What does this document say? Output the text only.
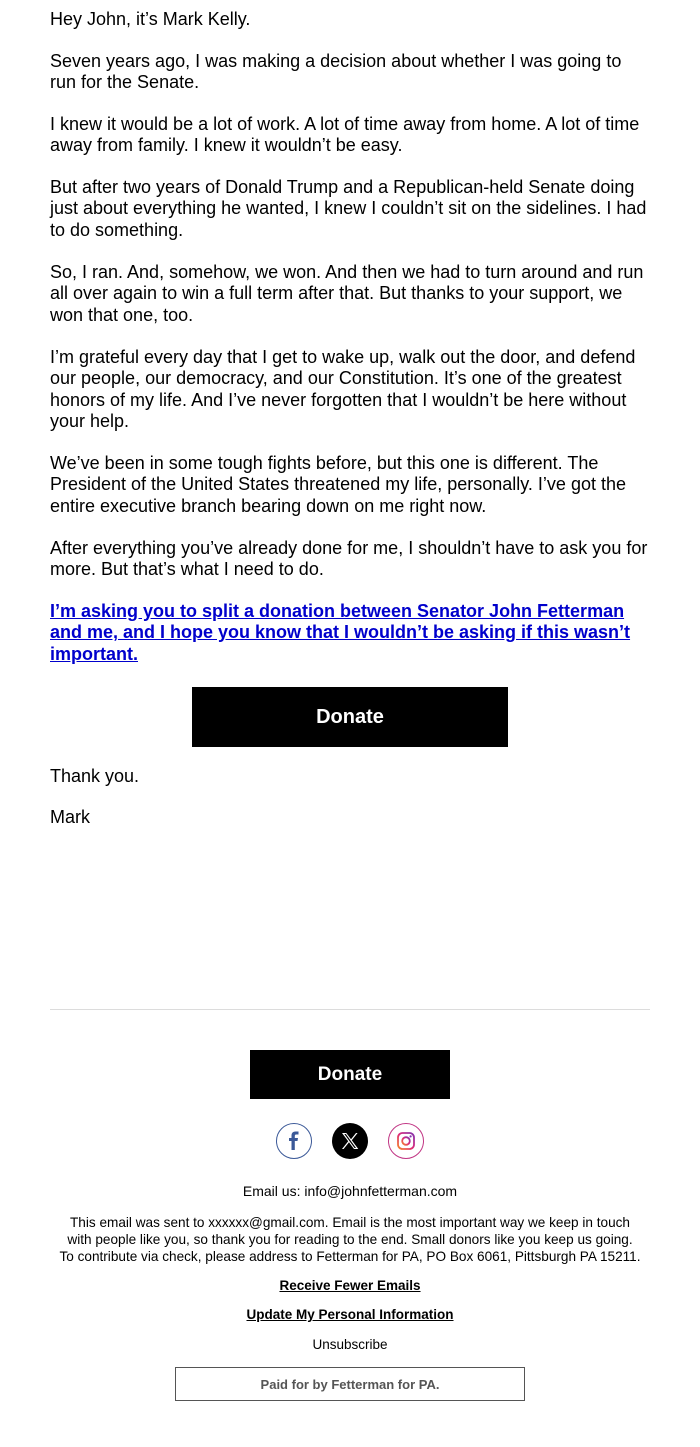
Hey John, it’s Mark Kelly.

Seven years ago, I was making a decision about whether I was going to run for the Senate.

I knew it would be a lot of work. A lot of time away from home. A lot of time away from family. I knew it wouldn’t be easy.

But after two years of Donald Trump and a Republican-held Senate doing just about everything he wanted, I knew I couldn’t sit on the sidelines. I had to do something.

So, I ran. And, somehow, we won. And then we had to turn around and run all over again to win a full term after that. But thanks to your support, we won that one, too.

I’m grateful every day that I get to wake up, walk out the door, and defend our people, our democracy, and our Constitution. It’s one of the greatest honors of my life. And I’ve never forgotten that I wouldn’t be here without your help.

We’ve been in some tough fights before, but this one is different. The President of the United States threatened my life, personally. I’ve got the entire executive branch bearing down on me right now.

After everything you’ve already done for me, I shouldn’t have to ask you for more. But that’s what I need to do.

I’m asking you to split a donation between Senator John Fetterman and me, and I hope you know that I wouldn’t be asking if this wasn’t important.

Donate

Thank you.

Mark

Donate

Email us: info@johnfetterman.com

This email was sent to xxxxxx@gmail.com. Email is the most important way we keep in touch

with people like you, so thank you for reading to the end. Small donors like you keep us going.

To contribute via check, please address to Fetterman for PA, PO Box 6061, Pittsburgh PA 15211.

Receive Fewer Emails

Update My Personal Information

Unsubscribe

Paid for by Fetterman for PA.
